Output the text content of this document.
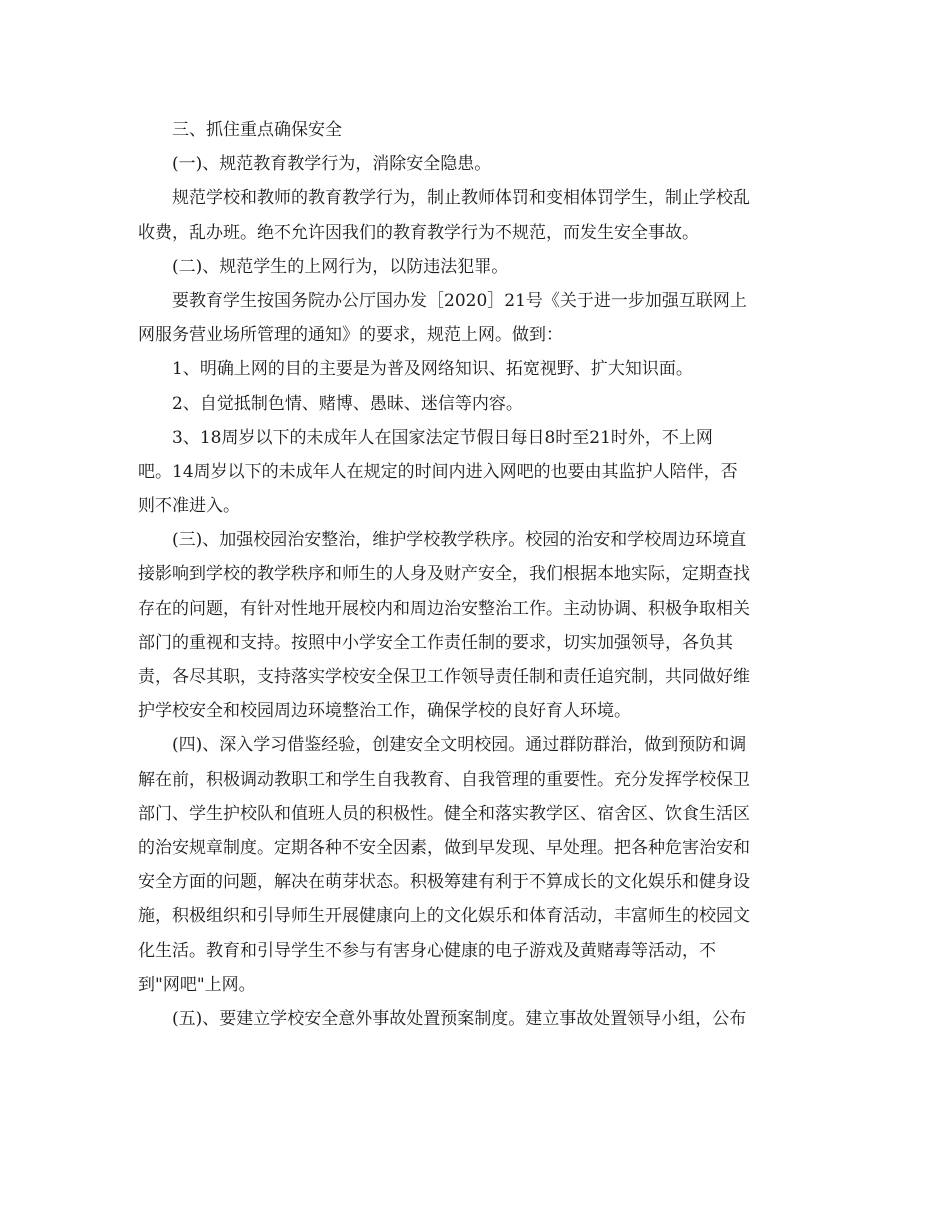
三、抓住重点确保安全

(一)、规范教育教学行为，消除安全隐患。

规范学校和教师的教育教学行为，制止教师体罚和变相体罚学生，制止学校乱

收费，乱办班。绝不允许因我们的教育教学行为不规范，而发生安全事故。

(二)、规范学生的上网行为，以防违法犯罪。

要教育学生按国务院办公厅国办发［2020］21号《关于进一步加强互联网上

网服务营业场所管理的通知》的要求，规范上网。做到：

1、明确上网的目的主要是为普及网络知识、拓宽视野、扩大知识面。

2、自觉抵制色情、赌博、愚昧、迷信等内容。

3、18周岁以下的未成年人在国家法定节假日每日8时至21时外，不上网

吧。14周岁以下的未成年人在规定的时间内进入网吧的也要由其监护人陪伴，否

则不准进入。

(三)、加强校园治安整治，维护学校教学秩序。校园的治安和学校周边环境直

接影响到学校的教学秩序和师生的人身及财产安全，我们根据本地实际，定期查找

存在的问题，有针对性地开展校内和周边治安整治工作。主动协调、积极争取相关

部门的重视和支持。按照中小学安全工作责任制的要求，切实加强领导，各负其

责，各尽其职，支持落实学校安全保卫工作领导责任制和责任追究制，共同做好维

护学校安全和校园周边环境整治工作，确保学校的良好育人环境。

(四)、深入学习借鉴经验，创建安全文明校园。通过群防群治，做到预防和调

解在前，积极调动教职工和学生自我教育、自我管理的重要性。充分发挥学校保卫

部门、学生护校队和值班人员的积极性。健全和落实教学区、宿舍区、饮食生活区

的治安规章制度。定期各种不安全因素，做到早发现、早处理。把各种危害治安和

安全方面的问题，解决在萌芽状态。积极筹建有利于不算成长的文化娱乐和健身设

施，积极组织和引导师生开展健康向上的文化娱乐和体育活动，丰富师生的校园文

化生活。教育和引导学生不参与有害身心健康的电子游戏及黄赌毒等活动，不

到"网吧"上网。

(五)、要建立学校安全意外事故处置预案制度。建立事故处置领导小组，公布
